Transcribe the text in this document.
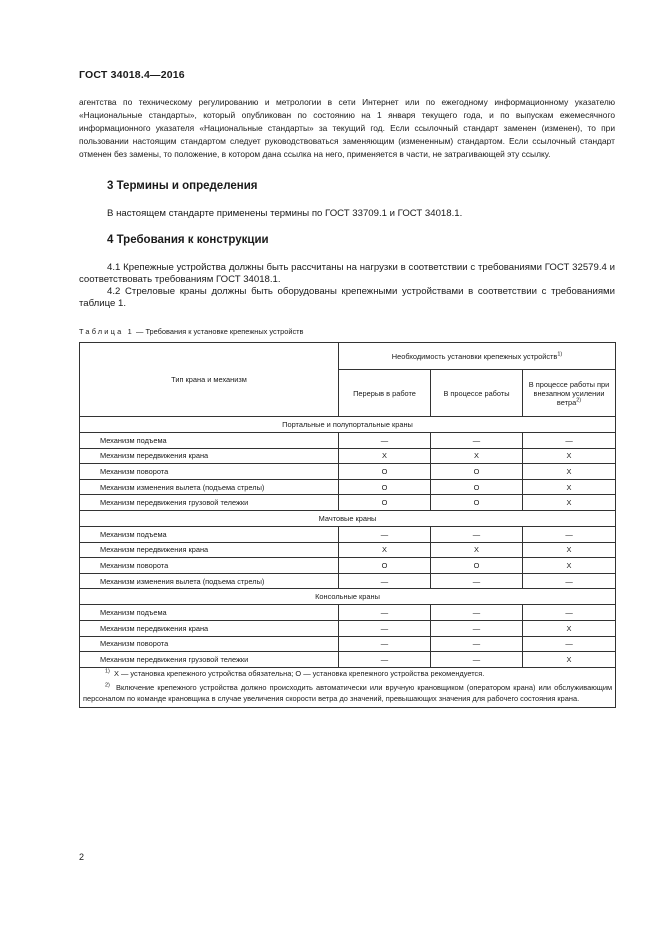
ГОСТ 34018.4—2016
агентства по техническому регулированию и метрологии в сети Интернет или по ежегодному информационному указателю «Национальные стандарты», который опубликован по состоянию на 1 января текущего года, и по выпускам ежемесячного информационного указателя «Национальные стандарты» за текущий год. Если ссылочный стандарт заменен (изменен), то при пользовании настоящим стандартом следует руководствоваться заменяющим (измененным) стандартом. Если ссылочный стандарт отменен без замены, то положение, в котором дана ссылка на него, применяется в части, не затрагивающей эту ссылку.
3 Термины и определения
В настоящем стандарте применены термины по ГОСТ 33709.1 и ГОСТ 34018.1.
4 Требования к конструкции
4.1 Крепежные устройства должны быть рассчитаны на нагрузки в соответствии с требованиями ГОСТ 32579.4 и соответствовать требованиям ГОСТ 34018.1.
4.2 Стреловые краны должны быть оборудованы крепежными устройствами в соответствии с требованиями таблице 1.
Таблица 1 — Требования к установке крепежных устройств
Тип крана и механизм	Необходимость установки крепежных устройств$^{1)}$
	Перерыв в работе	В процессе работы	В процессе работы при внезапном усилении ветра$^{2)}$
Портальные и полупортальные краны			
Механизм подъема	—	—	—
Механизм передвижения крана	X	X	X
Механизм поворота	O	O	X
Механизм изменения вылета (подъема стрелы)	O	O	X
Механизм передвижения грузовой тележки	O	O	X
Мачтовые краны			
Механизм подъема	—	—	—
Механизм передвижения крана	X	X	X
Механизм поворота	O	O	X
Механизм изменения вылета (подъема стрелы)	—	—	—
Консольные краны			
Механизм подъема	—	—	—
Механизм передвижения крана	—	—	X
Механизм поворота	—	—	—
Механизм передвижения грузовой тележки	—	—	X

$^{1)}$ X — установка крепежного устройства обязательна; O — установка крепежного устройства рекомендуется.

$^{2)}$ Включение крепежного устройства должно происходить автоматически или вручную крановщиком (оператором крана) или обслуживающим персоналом по команде крановщика в случае увеличения скорости ветра до значений, превышающих значения для рабочего состояния крана.			

2
